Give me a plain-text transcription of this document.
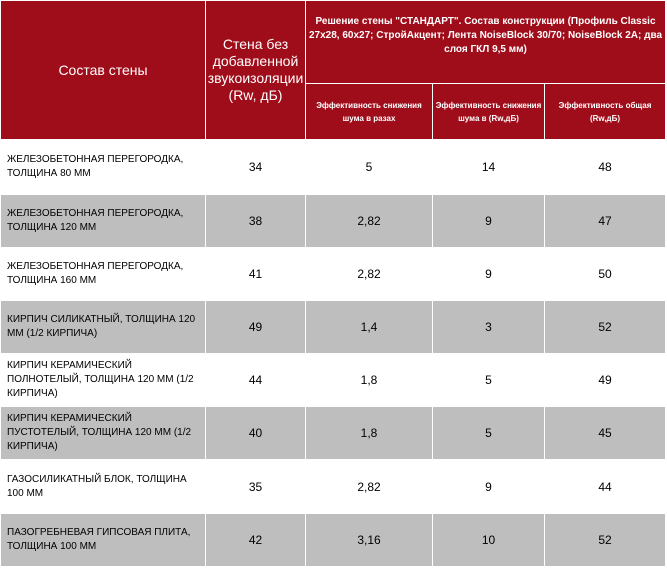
Состав стены	Стена без добавленной звукоизоляции (Rw, дБ)	Решение стены "СТАНДАРТ". Состав конструкции (Профиль Classic 27х28, 60х27; СтройАкцент; Лента NoiseBlock 30/70; NoiseBlock 2A; два слоя ГКЛ 9,5 мм)		
		Эффективность снижения шума в разах	Эффективность снижения шума в (Rw,дБ)	Эффективность общая (Rw,дБ)
ЖЕЛЕЗОБЕТОННАЯ ПЕРЕГОРОДКА, ТОЛЩИНА 80 ММ	34	5	14	48
ЖЕЛЕЗОБЕТОННАЯ ПЕРЕГОРОДКА, ТОЛЩИНА 120 ММ	38	2,82	9	47
ЖЕЛЕЗОБЕТОННАЯ ПЕРЕГОРОДКА, ТОЛЩИНА 160 ММ	41	2,82	9	50
КИРПИЧ СИЛИКАТНЫЙ, ТОЛЩИНА 120 ММ (1/2 КИРПИЧА)	49	1,4	3	52
КИРПИЧ КЕРАМИЧЕСКИЙ ПОЛНОТЕЛЫЙ, ТОЛЩИНА 120 ММ (1/2 КИРПИЧА)	44	1,8	5	49
КИРПИЧ КЕРАМИЧЕСКИЙ ПУСТОТЕЛЫЙ, ТОЛЩИНА 120 ММ (1/2 КИРПИЧА)	40	1,8	5	45
ГАЗОСИЛИКАТНЫЙ БЛОК, ТОЛЩИНА 100 ММ	35	2,82	9	44
ПАЗОГРЕБНЕВАЯ ГИПСОВАЯ ПЛИТА, ТОЛЩИНА 100 ММ	42	3,16	10	52
